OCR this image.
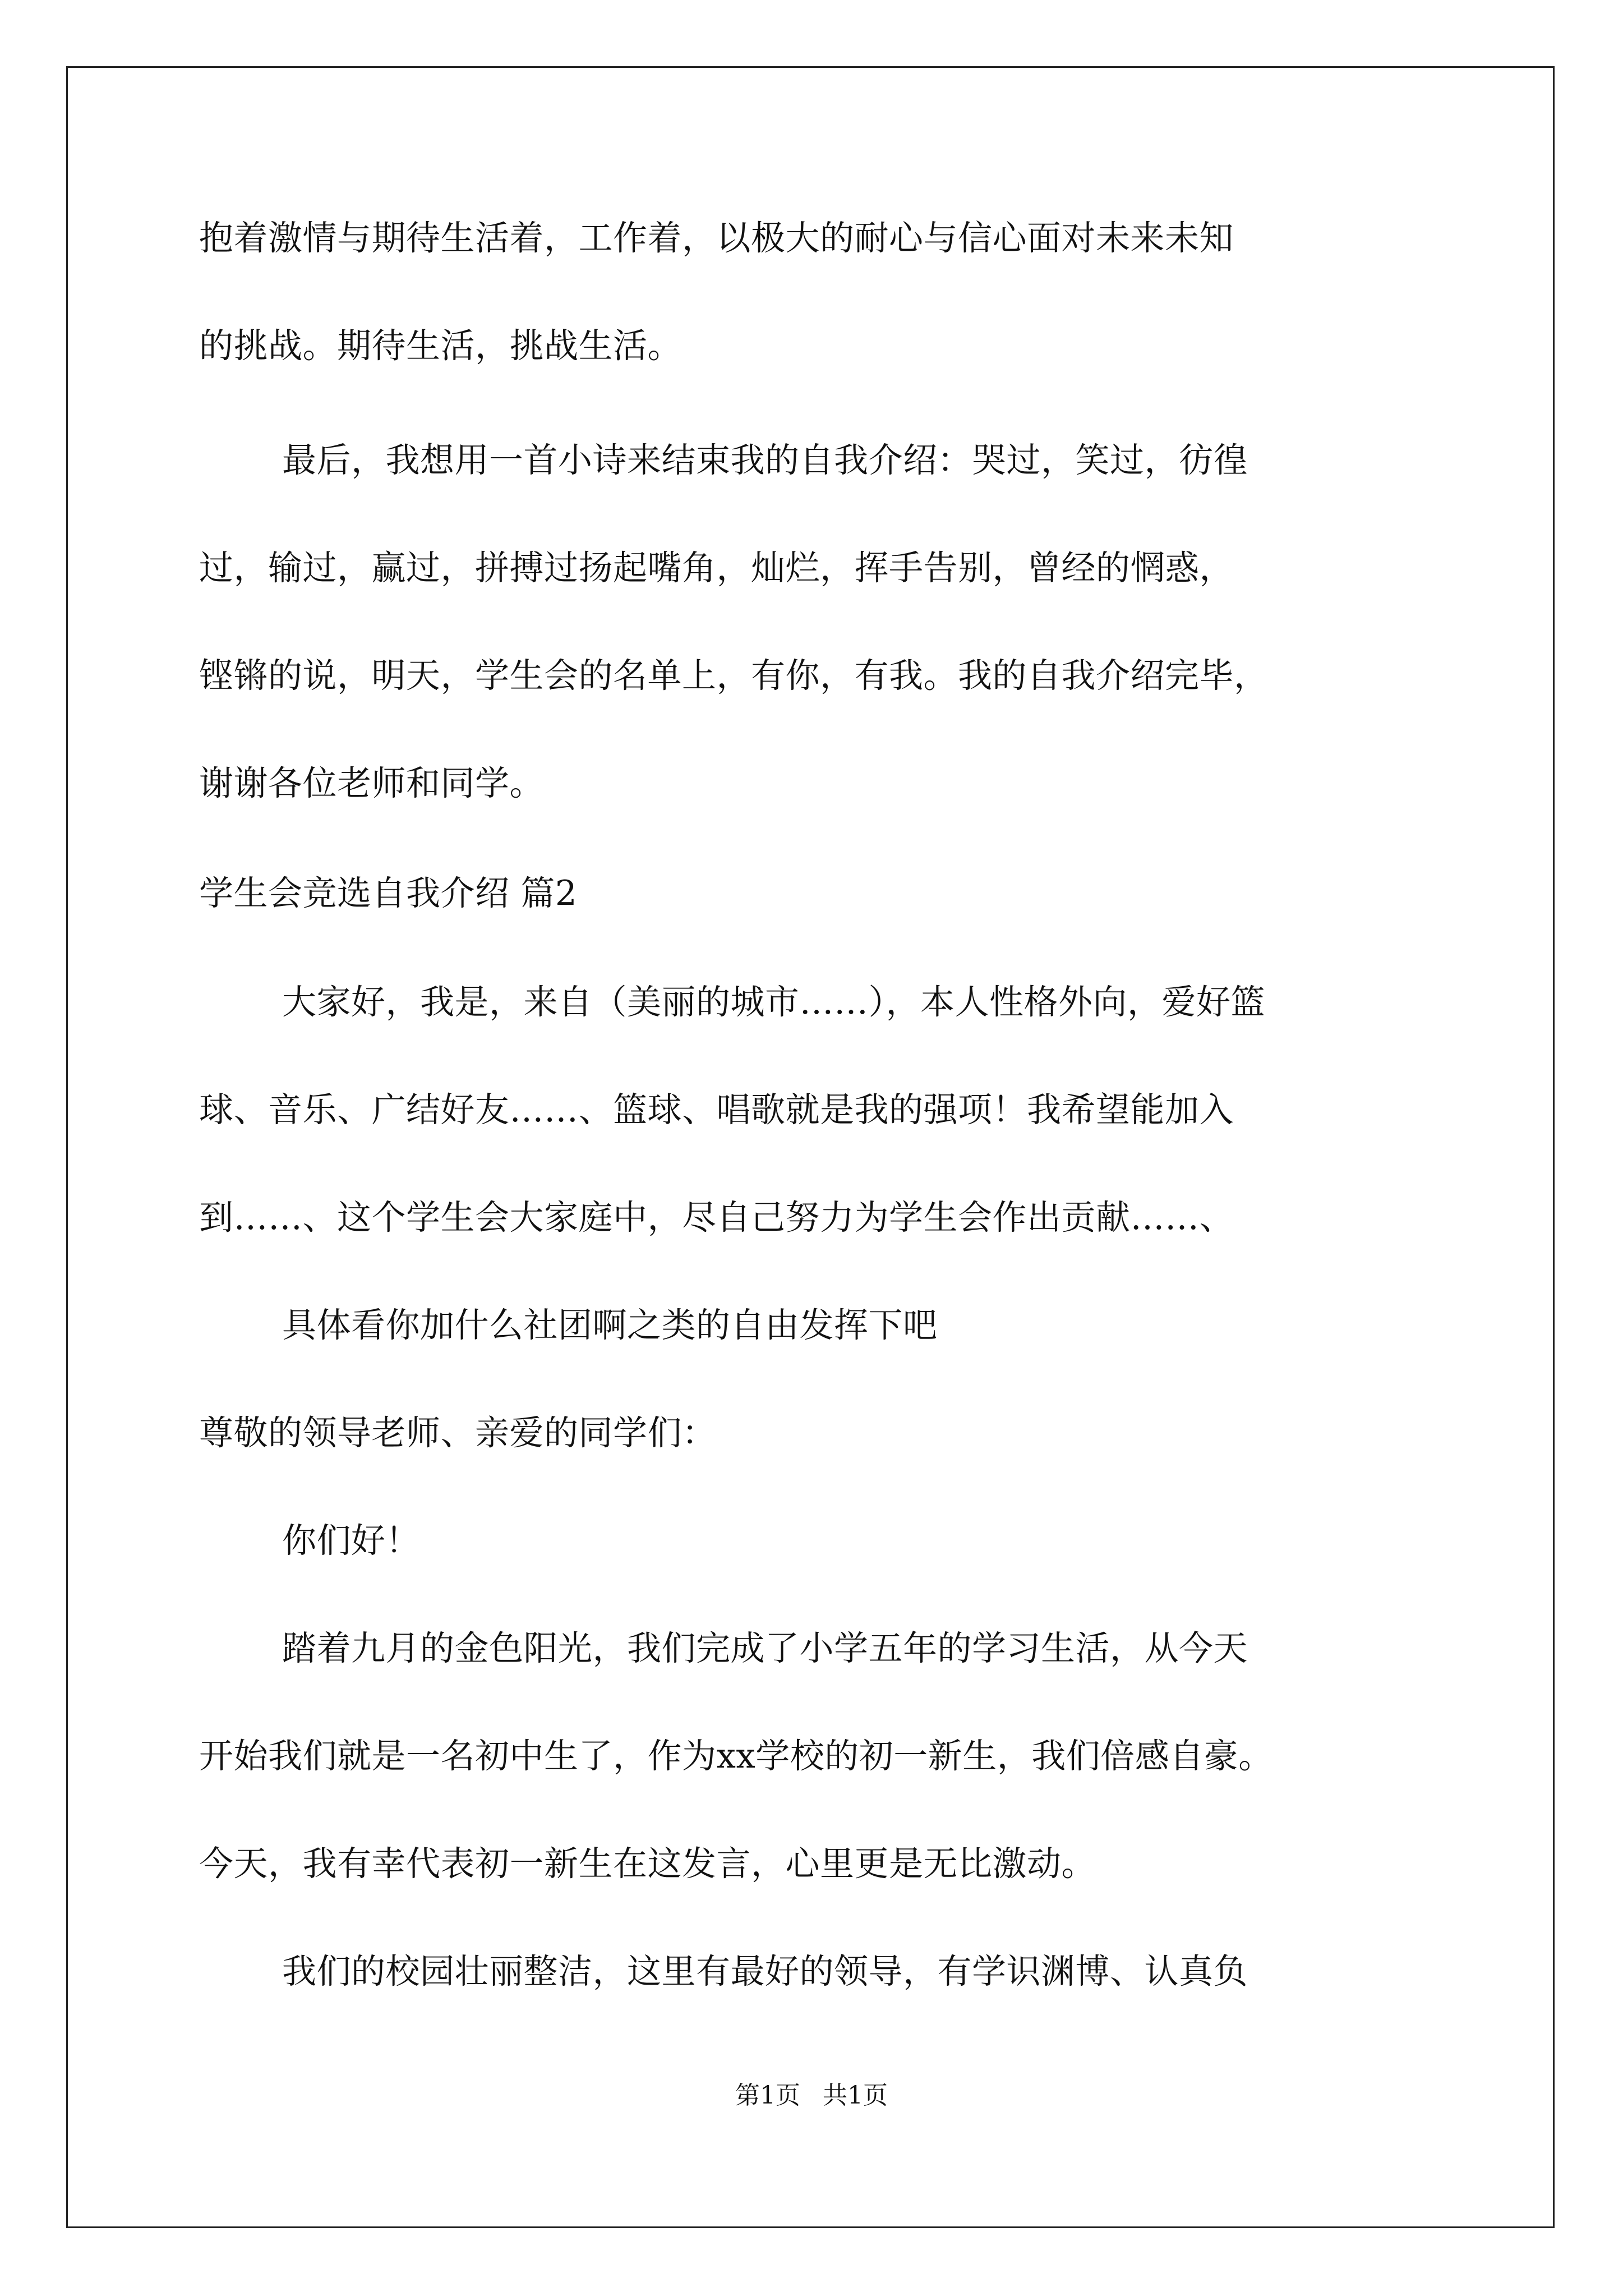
抱着激情与期待生活着，工作着，以极大的耐心与信心面对未来未知
的挑战。期待生活，挑战生活。
最后，我想用一首小诗来结束我的自我介绍：哭过，笑过，彷徨
过，输过，赢过，拼搏过扬起嘴角，灿烂，挥手告别，曾经的惘惑，
铿锵的说，明天，学生会的名单上，有你，有我。我的自我介绍完毕，
谢谢各位老师和同学。
学生会竞选自我介绍 篇2
大家好，我是，来自（美丽的城市……），本人性格外向，爱好篮
球、音乐、广结好友……、篮球、唱歌就是我的强项！我希望能加入
到……、这个学生会大家庭中，尽自己努力为学生会作出贡献……、
具体看你加什么社团啊之类的自由发挥下吧
尊敬的领导老师、亲爱的同学们：
你们好！
踏着九月的金色阳光，我们完成了小学五年的学习生活，从今天
开始我们就是一名初中生了，作为xx学校的初一新生，我们倍感自豪。
今天，我有幸代表初一新生在这发言，心里更是无比激动。
我们的校园壮丽整洁，这里有最好的领导，有学识渊博、认真负
第1页 共1页
